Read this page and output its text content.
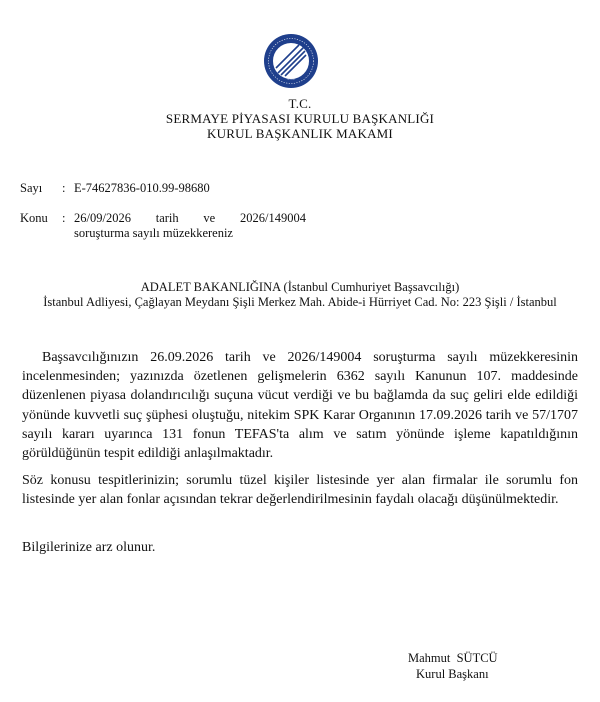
1981
T.C.
SERMAYE PİYASASI KURULU BAŞKANLIĞI
KURUL BAŞKANLIK MAKAMI
Sayı : E-74627836-010.99-98680
Konu : 26/09/2026 tarih ve 2026/149004
soruşturma sayılı müzekkereniz
ADALET BAKANLIĞINA (İstanbul Cumhuriyet Başsavcılığı)
İstanbul Adliyesi, Çağlayan Meydanı Şişli Merkez Mah. Abide-i Hürriyet Cad. No: 223 Şişli / İstanbul

Başsavcılığınızın 26.09.2026 tarih ve 2026/149004 soruşturma sayılı müzekkeresinin incelenmesinden; yazınızda özetlenen gelişmelerin 6362 sayılı Kanunun 107. maddesinde düzenlenen piyasa dolandırıcılığı suçuna vücut verdiği ve bu bağlamda da suç geliri elde edildiği yönünde kuvvetli suç şüphesi oluştuğu, nitekim SPK Karar Organının 17.09.2026 tarih ve 57/1707 sayılı kararı uyarınca 131 fonun TEFAS'ta alım ve satım yönünde işleme kapatıldığının görüldüğünün tespit edildiği anlaşılmaktadır.

Söz konusu tespitlerinizin; sorumlu tüzel kişiler listesinde yer alan firmalar ile sorumlu fon listesinde yer alan fonlar açısından tekrar değerlendirilmesinin faydalı olacağı düşünülmektedir.

Bilgilerinize arz olunur.

Mahmut  SÜTCÜ
Kurul Başkanı
